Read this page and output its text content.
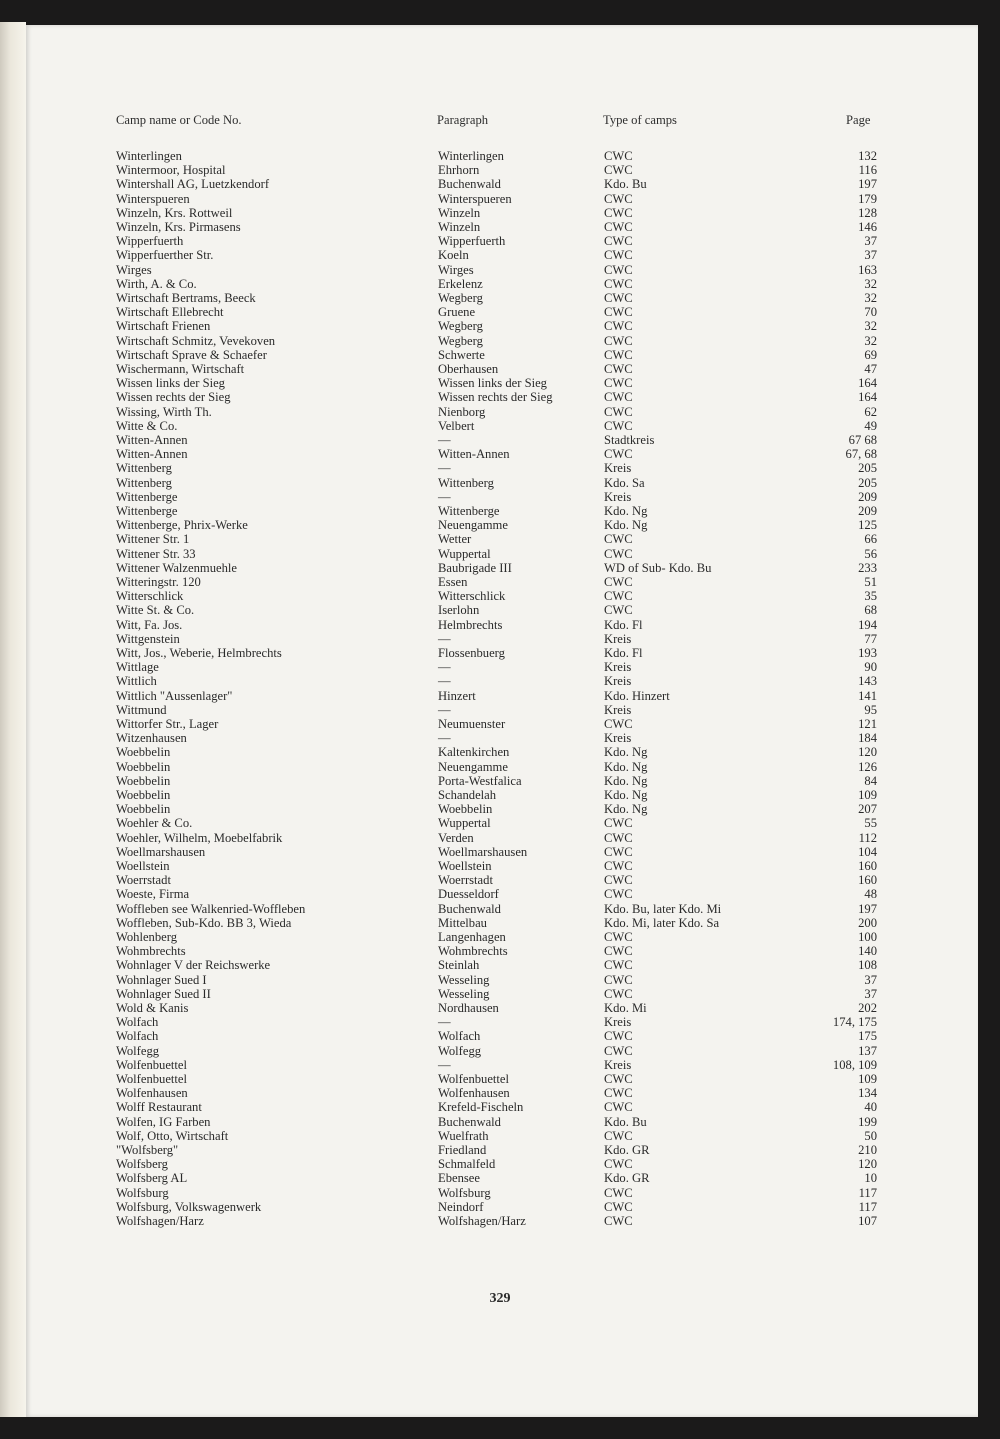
Camp name or Code No.	Paragraph	Type of camps	Page
Winterlingen	Winterlingen	CWC	132
Wintermoor, Hospital	Ehrhorn	CWC	116
Wintershall AG, Luetzkendorf	Buchenwald	Kdo. Bu	197
Winterspueren	Winterspueren	CWC	179
Winzeln, Krs. Rottweil	Winzeln	CWC	128
Winzeln, Krs. Pirmasens	Winzeln	CWC	146
Wipperfuerth	Wipperfuerth	CWC	37
Wipperfuerther Str.	Koeln	CWC	37
Wirges	Wirges	CWC	163
Wirth, A. & Co.	Erkelenz	CWC	32
Wirtschaft Bertrams, Beeck	Wegberg	CWC	32
Wirtschaft Ellebrecht	Gruene	CWC	70
Wirtschaft Frienen	Wegberg	CWC	32
Wirtschaft Schmitz, Vevekoven	Wegberg	CWC	32
Wirtschaft Sprave & Schaefer	Schwerte	CWC	69
Wischermann, Wirtschaft	Oberhausen	CWC	47
Wissen links der Sieg	Wissen links der Sieg	CWC	164
Wissen rechts der Sieg	Wissen rechts der Sieg	CWC	164
Wissing, Wirth Th.	Nienborg	CWC	62
Witte & Co.	Velbert	CWC	49
Witten-Annen	—	Stadtkreis	67 68
Witten-Annen	Witten-Annen	CWC	67, 68
Wittenberg	—	Kreis	205
Wittenberg	Wittenberg	Kdo. Sa	205
Wittenberge	—	Kreis	209
Wittenberge	Wittenberge	Kdo. Ng	209
Wittenberge, Phrix-Werke	Neuengamme	Kdo. Ng	125
Wittener Str. 1	Wetter	CWC	66
Wittener Str. 33	Wuppertal	CWC	56
Wittener Walzenmuehle	Baubrigade III	WD of Sub- Kdo. Bu	233
Witteringstr. 120	Essen	CWC	51
Witterschlick	Witterschlick	CWC	35
Witte St. & Co.	Iserlohn	CWC	68
Witt, Fa. Jos.	Helmbrechts	Kdo. Fl	194
Wittgenstein	—	Kreis	77
Witt, Jos., Weberie, Helmbrechts	Flossenbuerg	Kdo. Fl	193
Wittlage	—	Kreis	90
Wittlich	—	Kreis	143
Wittlich "Aussenlager"	Hinzert	Kdo. Hinzert	141
Wittmund	—	Kreis	95
Wittorfer Str., Lager	Neumuenster	CWC	121
Witzenhausen	—	Kreis	184
Woebbelin	Kaltenkirchen	Kdo. Ng	120
Woebbelin	Neuengamme	Kdo. Ng	126
Woebbelin	Porta-Westfalica	Kdo. Ng	84
Woebbelin	Schandelah	Kdo. Ng	109
Woebbelin	Woebbelin	Kdo. Ng	207
Woehler & Co.	Wuppertal	CWC	55
Woehler, Wilhelm, Moebelfabrik	Verden	CWC	112
Woellmarshausen	Woellmarshausen	CWC	104
Woellstein	Woellstein	CWC	160
Woerrstadt	Woerrstadt	CWC	160
Woeste, Firma	Duesseldorf	CWC	48
Woffleben see Walkenried-Woffleben	Buchenwald	Kdo. Bu, later Kdo. Mi	197
Woffleben, Sub-Kdo. BB 3, Wieda	Mittelbau	Kdo. Mi, later Kdo. Sa	200
Wohlenberg	Langenhagen	CWC	100
Wohmbrechts	Wohmbrechts	CWC	140
Wohnlager V der Reichswerke	Steinlah	CWC	108
Wohnlager Sued I	Wesseling	CWC	37
Wohnlager Sued II	Wesseling	CWC	37
Wold & Kanis	Nordhausen	Kdo. Mi	202
Wolfach	—	Kreis	174, 175
Wolfach	Wolfach	CWC	175
Wolfegg	Wolfegg	CWC	137
Wolfenbuettel	—	Kreis	108, 109
Wolfenbuettel	Wolfenbuettel	CWC	109
Wolfenhausen	Wolfenhausen	CWC	134
Wolff Restaurant	Krefeld-Fischeln	CWC	40
Wolfen, IG Farben	Buchenwald	Kdo. Bu	199
Wolf, Otto, Wirtschaft	Wuelfrath	CWC	50
"Wolfsberg"	Friedland	Kdo. GR	210
Wolfsberg	Schmalfeld	CWC	120
Wolfsberg AL	Ebensee	Kdo. GR	10
Wolfsburg	Wolfsburg	CWC	117
Wolfsburg, Volkswagenwerk	Neindorf	CWC	117
Wolfshagen/Harz	Wolfshagen/Harz	CWC	107
329
